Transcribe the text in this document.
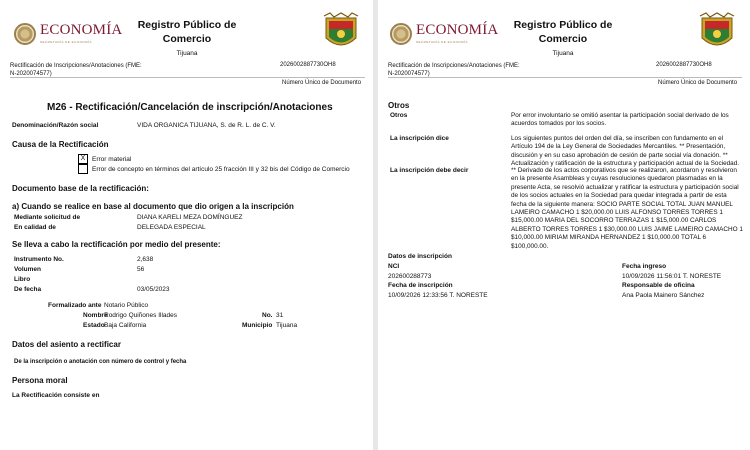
ECONOMÍA
SECRETARÍA DE ECONOMÍA
Registro Público de
Comercio
Tijuana
Rectificación de Inscripciones/Anotaciones (FME:
N-2020074577)
2026002887730OH8
Número Único de Documento
M26 - Rectificación/Cancelación de inscripción/Anotaciones
Denominación/Razón social	VIDA ORGANICA TIJUANA, S. de R. L. de C. V.
Causa de la Rectificación
X	Error material
Error de concepto en términos del artículo 25 fracción III y 32 bis del Código de Comercio
Documento base de la rectificación:
a) Cuando se realice en base al documento que dio origen a la inscripción
Mediante solicitud de	DIANA KARELI MEZA DOMÍNGUEZ
En calidad de	DELEGADA ESPECIAL
Se lleva a cabo la rectificación por medio del presente:
Instrumento No.	2,638
Volumen	56
Libro
De fecha	03/05/2023
Formalizado ante Notario Público
Nombre
Rodrigo Quiñones Illades	No. 31
Estado Baja California	Municipio Tijuana
Datos del asiento a rectificar
De la inscripción o anotación con número de control y fecha
Persona moral
La Rectificación consiste en
ECONOMÍA
SECRETARÍA DE ECONOMÍA
Registro Público de
Comercio
Tijuana
Rectificación de Inscripciones/Anotaciones (FME:
N-2020074577)
2026002887730OH8
Número Único de Documento
Otros
Otros	Por error involuntario se omitió asentar la participación social derivado de los acuerdos tomados por los socios.
La inscripción dice	Los siguientes puntos del orden del día, se inscriben con fundamento en el Artículo 194 de la Ley General de Sociedades Mercantiles. ** Presentación, discusión y en su caso aprobación de cesión de parte social vía donación. ** Actualización y ratificación de la estructura y participación actual de la Sociedad.
La inscripción debe decir	** Derivado de los actos corporativos que se realizaron, acordaron y resolvieron en la presente Asambleas y cuyas resoluciones quedaron plasmadas en la presente Acta, se resolvió actualizar y ratificar la estructura y participación social de los socios actuales en la Sociedad para quedar integrada a partir de esta fecha de la siguiente manera: SOCIO PARTE SOCIAL TOTAL JUAN MANUEL LAMEIRO CAMACHO 1 $20,000.00 LUIS ALFONSO TORRES TORRES 1 $15,000.00 MARIA DEL SOCORRO TERRAZAS 1 $15,000.00 CARLOS ALBERTO TORRES TORRES 1 $30,000.00 LUIS JAIME LAMEIRO CAMACHO 1 $10,000.00 MIRIAM MIRANDA HERNANDEZ 1 $10,000.00 TOTAL 6 $100,000.00.
Datos de inscripción
NCI	Fecha ingreso
202600288773	10/09/2026 11:56:01 T. NORESTE
Fecha de inscripción	Responsable de oficina
10/09/2026 12:33:56 T. NORESTE	Ana Paola Mainero Sánchez
